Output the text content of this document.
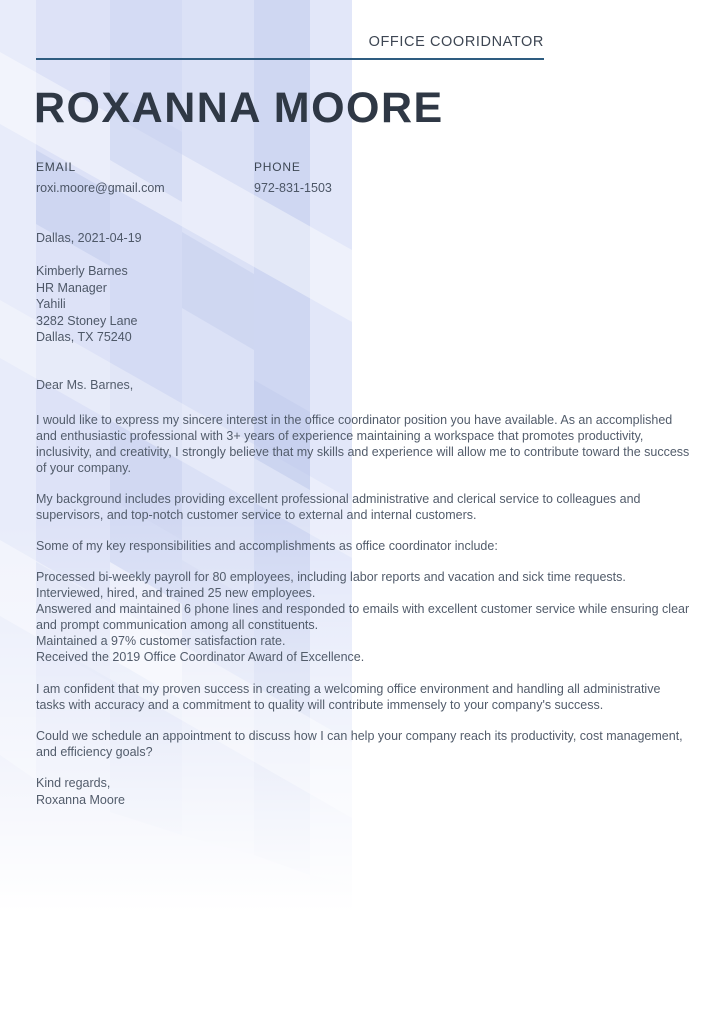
OFFICE COORIDNATOR
ROXANNA MOORE
EMAIL
roxi.moore@gmail.com
PHONE
972-831-1503
Dallas, 2021-04-19
Kimberly Barnes
HR Manager
Yahili
3282 Stoney Lane
Dallas, TX 75240

Dear Ms. Barnes,

I would like to express my sincere interest in the office coordinator position you have available. As an accomplished and enthusiastic professional with 3+ years of experience maintaining a workspace that promotes productivity, inclusivity, and creativity, I strongly believe that my skills and experience will allow me to contribute toward the success of your company.

My background includes providing excellent professional administrative and clerical service to colleagues and supervisors, and top-notch customer service to external and internal customers.

Some of my key responsibilities and accomplishments as office coordinator include:

Processed bi-weekly payroll for 80 employees, including labor reports and vacation and sick time requests.
Interviewed, hired, and trained 25 new employees.
Answered and maintained 6 phone lines and responded to emails with excellent customer service while ensuring clear and prompt communication among all constituents.
Maintained a 97% customer satisfaction rate.
Received the 2019 Office Coordinator Award of Excellence.

I am confident that my proven success in creating a welcoming office environment and handling all administrative tasks with accuracy and a commitment to quality will contribute immensely to your company's success.

Could we schedule an appointment to discuss how I can help your company reach its productivity, cost management, and efficiency goals?

Kind regards,
Roxanna Moore
